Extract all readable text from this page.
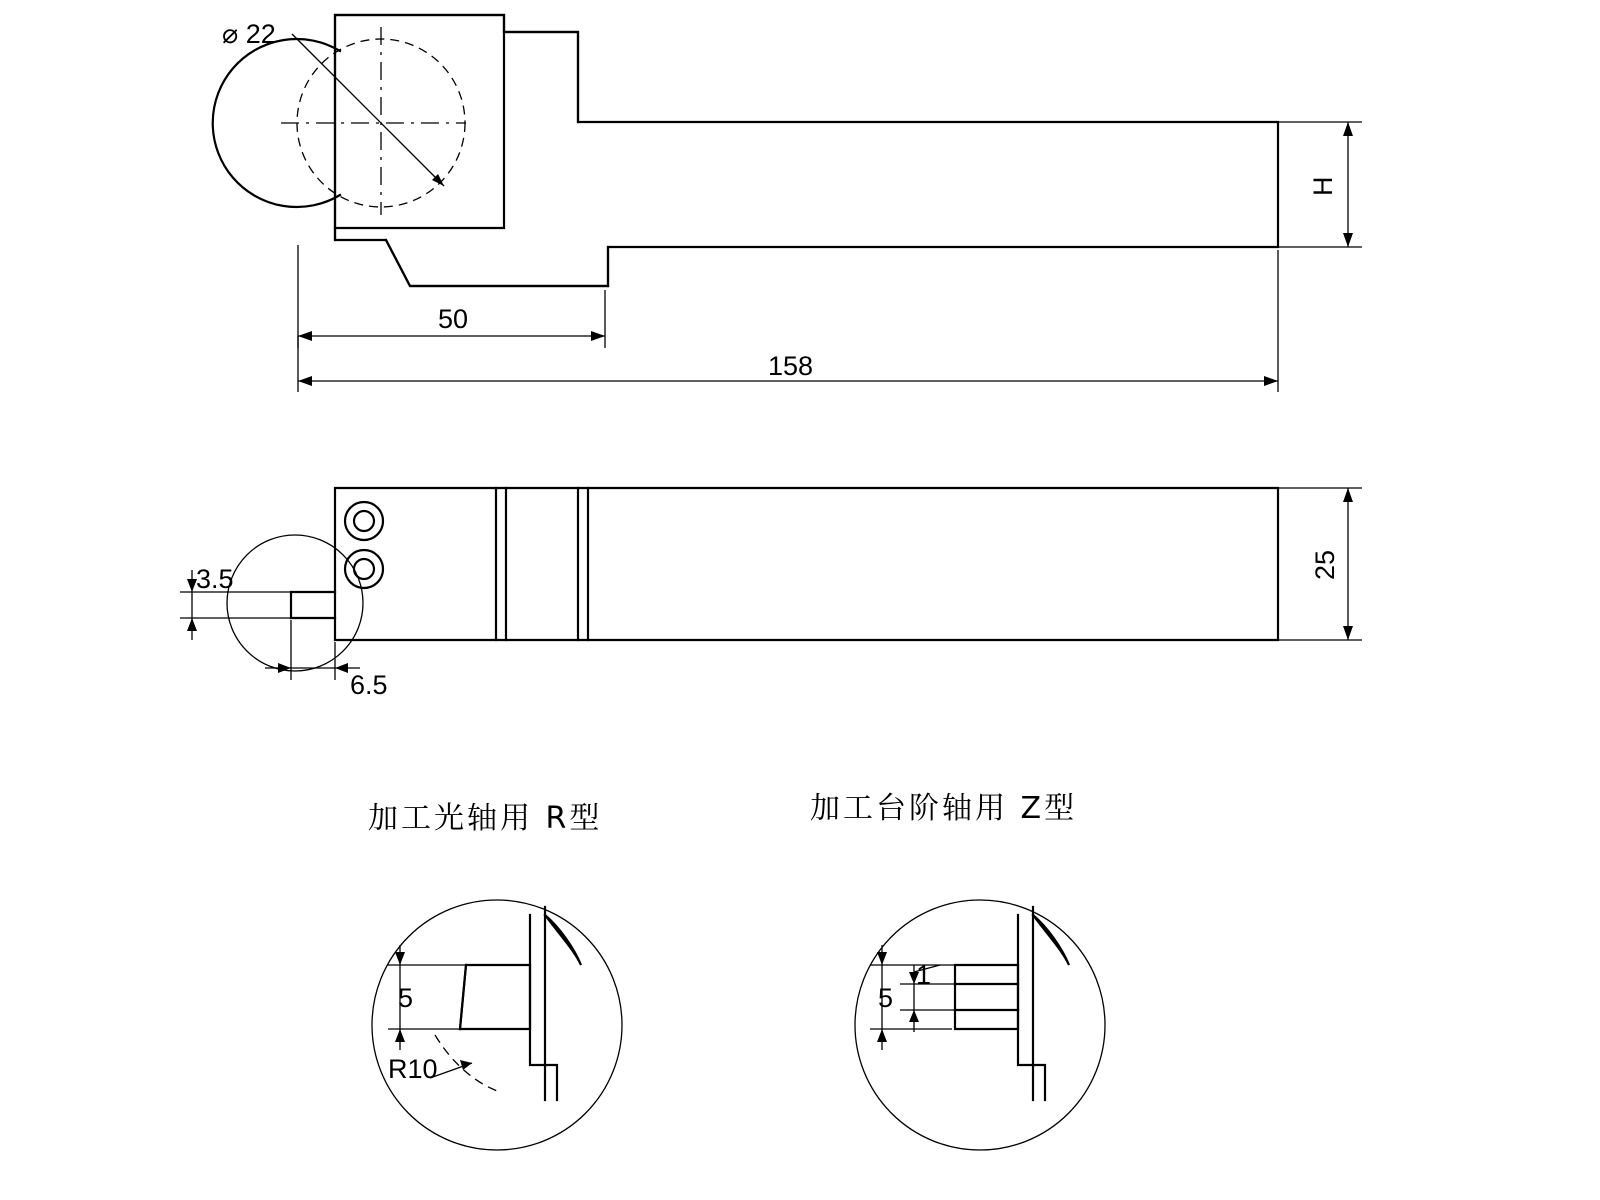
⌀ 22
H
50
158
3.5
6.5
25
加工光轴用 R型	加工台阶轴用 Z型
5
R10
5
1
